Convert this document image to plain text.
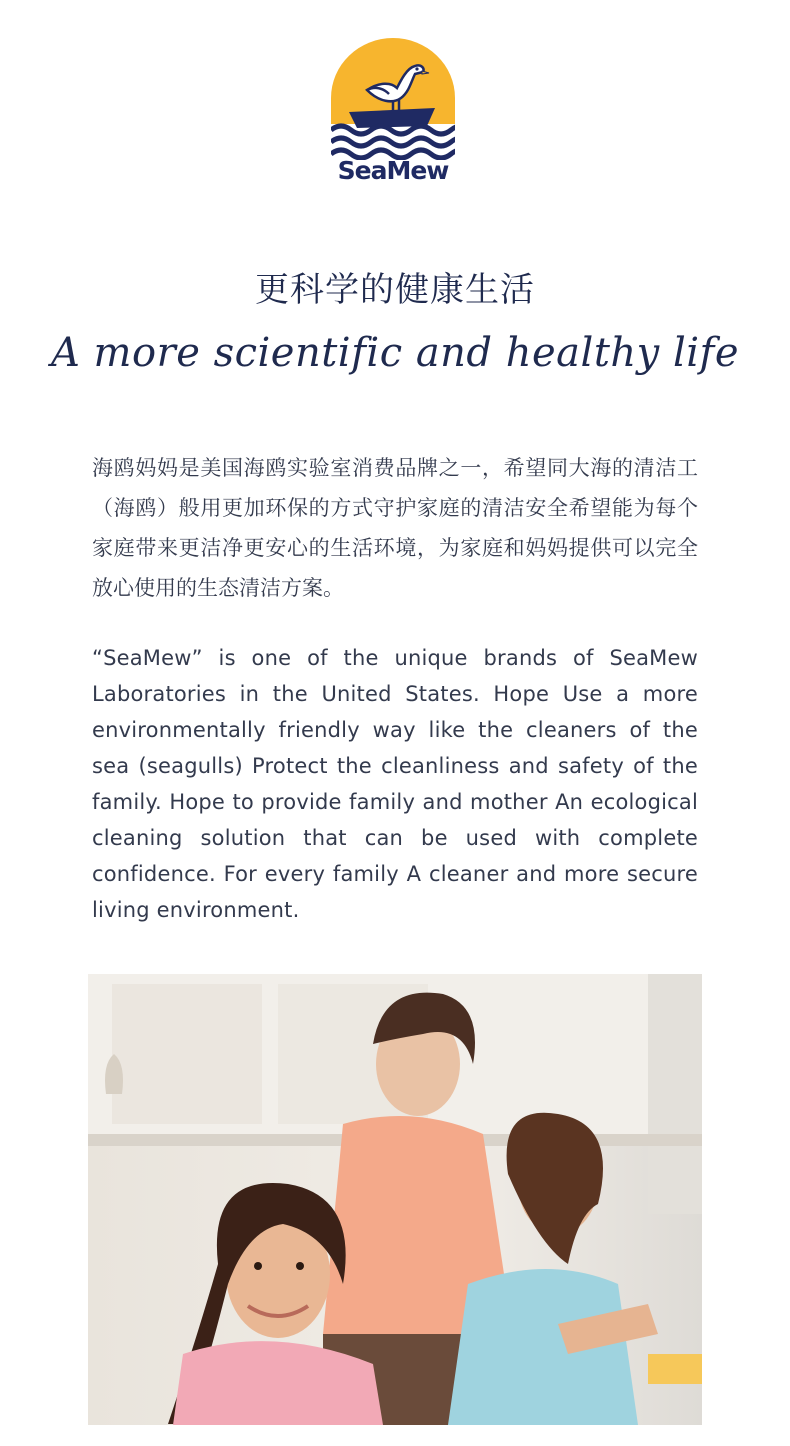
SeaMew
更科学的健康生活
A more scientific and healthy life
海鸥妈妈是美国海鸥实验室消费品牌之一，希望同大海的清洁工（海鸥）般用更加环保的方式守护家庭的清洁安全希望能为每个家庭带来更洁净更安心的生活环境，为家庭和妈妈提供可以完全放心使用的生态清洁方案。
“SeaMew” is one of the unique brands of SeaMew Laboratories in the United States. Hope Use a more environmentally friendly way like the cleaners of the sea (seagulls) Protect the cleanliness and safety of the family. Hope to provide family and mother An ecological cleaning solution that can be used with complete confidence. For every family A cleaner and more secure living environment.
